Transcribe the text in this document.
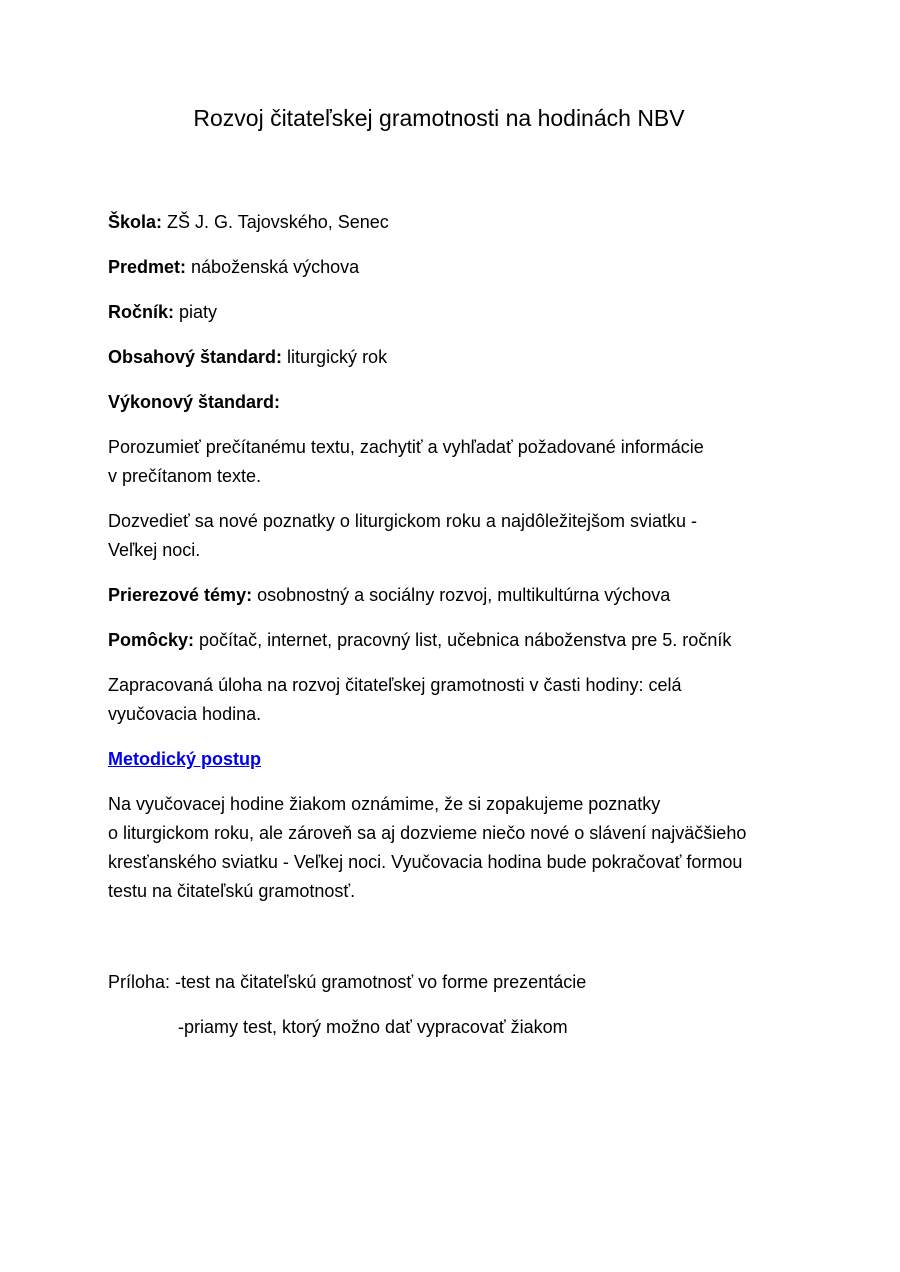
Rozvoj čitateľskej gramotnosti na hodinách NBV

Škola: ZŠ J. G. Tajovského, Senec

Predmet: náboženská výchova

Ročník: piaty

Obsahový štandard: liturgický rok

Výkonový štandard:

Porozumieť prečítanému textu, zachytiť a vyhľadať požadované informácie
v prečítanom texte.

Dozvedieť sa nové poznatky o liturgickom roku a najdôležitejšom sviatku -
Veľkej noci.

Prierezové témy: osobnostný a sociálny rozvoj, multikultúrna výchova

Pomôcky: počítač, internet, pracovný list, učebnica náboženstva pre 5. ročník

Zapracovaná úloha na rozvoj čitateľskej gramotnosti v časti hodiny: celá
vyučovacia hodina.

Metodický postup

Na vyučovacej hodine žiakom oznámime, že si zopakujeme poznatky
o liturgickom roku, ale zároveň sa aj dozvieme niečo nové o slávení najväčšieho
kresťanského sviatku - Veľkej noci. Vyučovacia hodina bude pokračovať formou
testu na čitateľskú gramotnosť.

Príloha: -test na čitateľskú gramotnosť vo forme prezentácie

-priamy test, ktorý možno dať vypracovať žiakom
